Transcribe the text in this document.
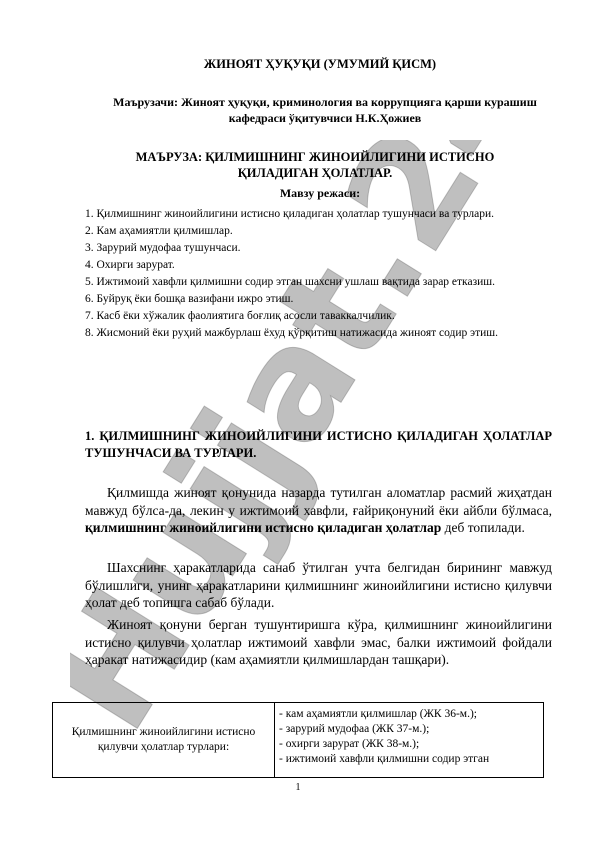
Hujjat.24
ЖИНОЯТ ҲУҚУҚИ (УМУМИЙ ҚИСМ)
Маърузачи: Жиноят ҳуқуқи, криминология ва коррупцияга қарши курашиш кафедраси ўқитувчиси Н.К.Ҳожиев
МАЪРУЗА: ҚИЛМИШНИНГ ЖИНОИЙЛИГИНИ ИСТИСНО ҚИЛАДИГАН ҲОЛАТЛАР.
Мавзу режаси:
1. Қилмишнинг жиноийлигини истисно қиладиган ҳолатлар тушунчаси ва турлари.
2. Кам аҳамиятли қилмишлар.
3. Зарурий мудофаа тушунчаси.
4. Охирги зарурат.
5. Ижтимоий хавфли қилмишни содир этган шахсни ушлаш вақтида зарар етказиш.
6. Буйруқ ёки бошқа вазифани ижро этиш.
7. Касб ёки хўжалик фаолиятига боғлиқ асосли таваккалчилик.
8. Жисмоний ёки руҳий мажбурлаш ёхуд қўрқитиш натижасида жиноят содир этиш.
1. ҚИЛМИШНИНГ ЖИНОИЙЛИГИНИ ИСТИСНО ҚИЛАДИГАН ҲОЛАТЛАР ТУШУНЧАСИ ВА ТУРЛАРИ.

Қилмишда жиноят қонунида назарда тутилган аломатлар расмий жиҳатдан мавжуд бўлса-да, лекин у ижтимоий хавфли, ғайриқонуний ёки айбли бўлмаса, қилмишнинг жиноийлигини истисно қиладиган ҳолатлар деб топилади.

Шахснинг ҳаракатларида санаб ўтилган учта белгидан бирининг мавжуд бўлишлиги, унинг ҳаракатларини қилмишнинг жиноийлигини истисно қилувчи ҳолат деб топишга сабаб бўлади.

Жиноят қонуни берган тушунтиришга кўра, қилмишнинг жиноийлигини истисно қилувчи ҳолатлар ижтимоий хавфли эмас, балки ижтимоий фойдали ҳаракат натижасидир (кам аҳамиятли қилмишлардан ташқари).

Қилмишнинг жиноийлигини истисно қилувчи ҳолатлар турлари:	
- кам аҳамиятли қилмишлар (ЖК 36-м.);
- зарурий мудофаа (ЖК 37-м.);
- охирги зарурат (ЖК 38-м.);
- ижтимоий хавфли қилмишни содир этган
1
